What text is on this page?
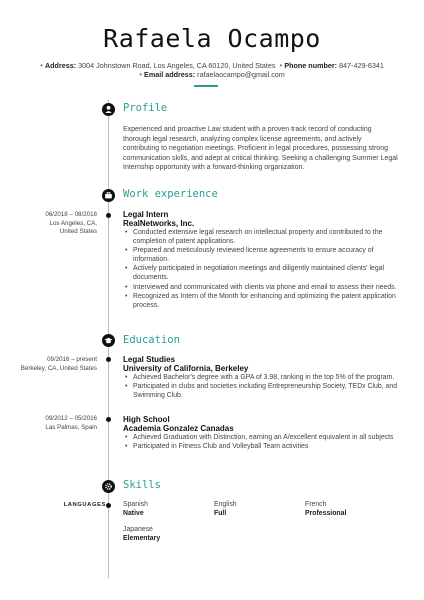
Rafaela Ocampo
• Address: 3004 Johnstown Road, Los Angeles, CA 60120, United States • Phone number: 847-429-6341
• Email address: rafaelaocampo@gmail.com
Profile
Experienced and proactive Law student with a proven track record of conducting thorough legal research, analyzing complex license agreements, and actively contributing to negotiation meetings. Proficient in legal procedures, possessing strong communication skills, and adept at critical thinking. Seeking a challenging Summer Legal Internship opportunity with a forward-thinking organization.
Work experience
06/2018 – 08/2018
Los Angeles, CA,
United States
Legal Intern
RealNetworks, Inc.
• Conducted extensive legal research on intellectual property and contributed to the completion of patent applications.
• Prepared and meticulously reviewed license agreements to ensure accuracy of information.
• Actively participated in negotiation meetings and diligently maintained clients' legal documents.
• Interviewed and communicated with clients via phone and email to assess their needs.
• Recognized as Intern of the Month for enhancing and optimizing the patent application process.
Education
09/2016 – present
Berkeley, CA, United States
Legal Studies
University of California, Berkeley
• Achieved Bachelor's degree with a GPA of 3.98, ranking in the top 5% of the program.
• Participated in clubs and societies including Entrepreneurship Society, TEDx Club, and Swimming Club.
09/2012 – 05/2016
Las Palmas, Spain
High School
Academia Gonzalez Canadas
• Achieved Graduation with Distinction, earning an A/excellent equivalent in all subjects
• Participated in Fitness Club and Volleyball Team activities
Skills
LANGUAGES Spanish
Native
English
Full
French
Professional
Japanese
Elementary
